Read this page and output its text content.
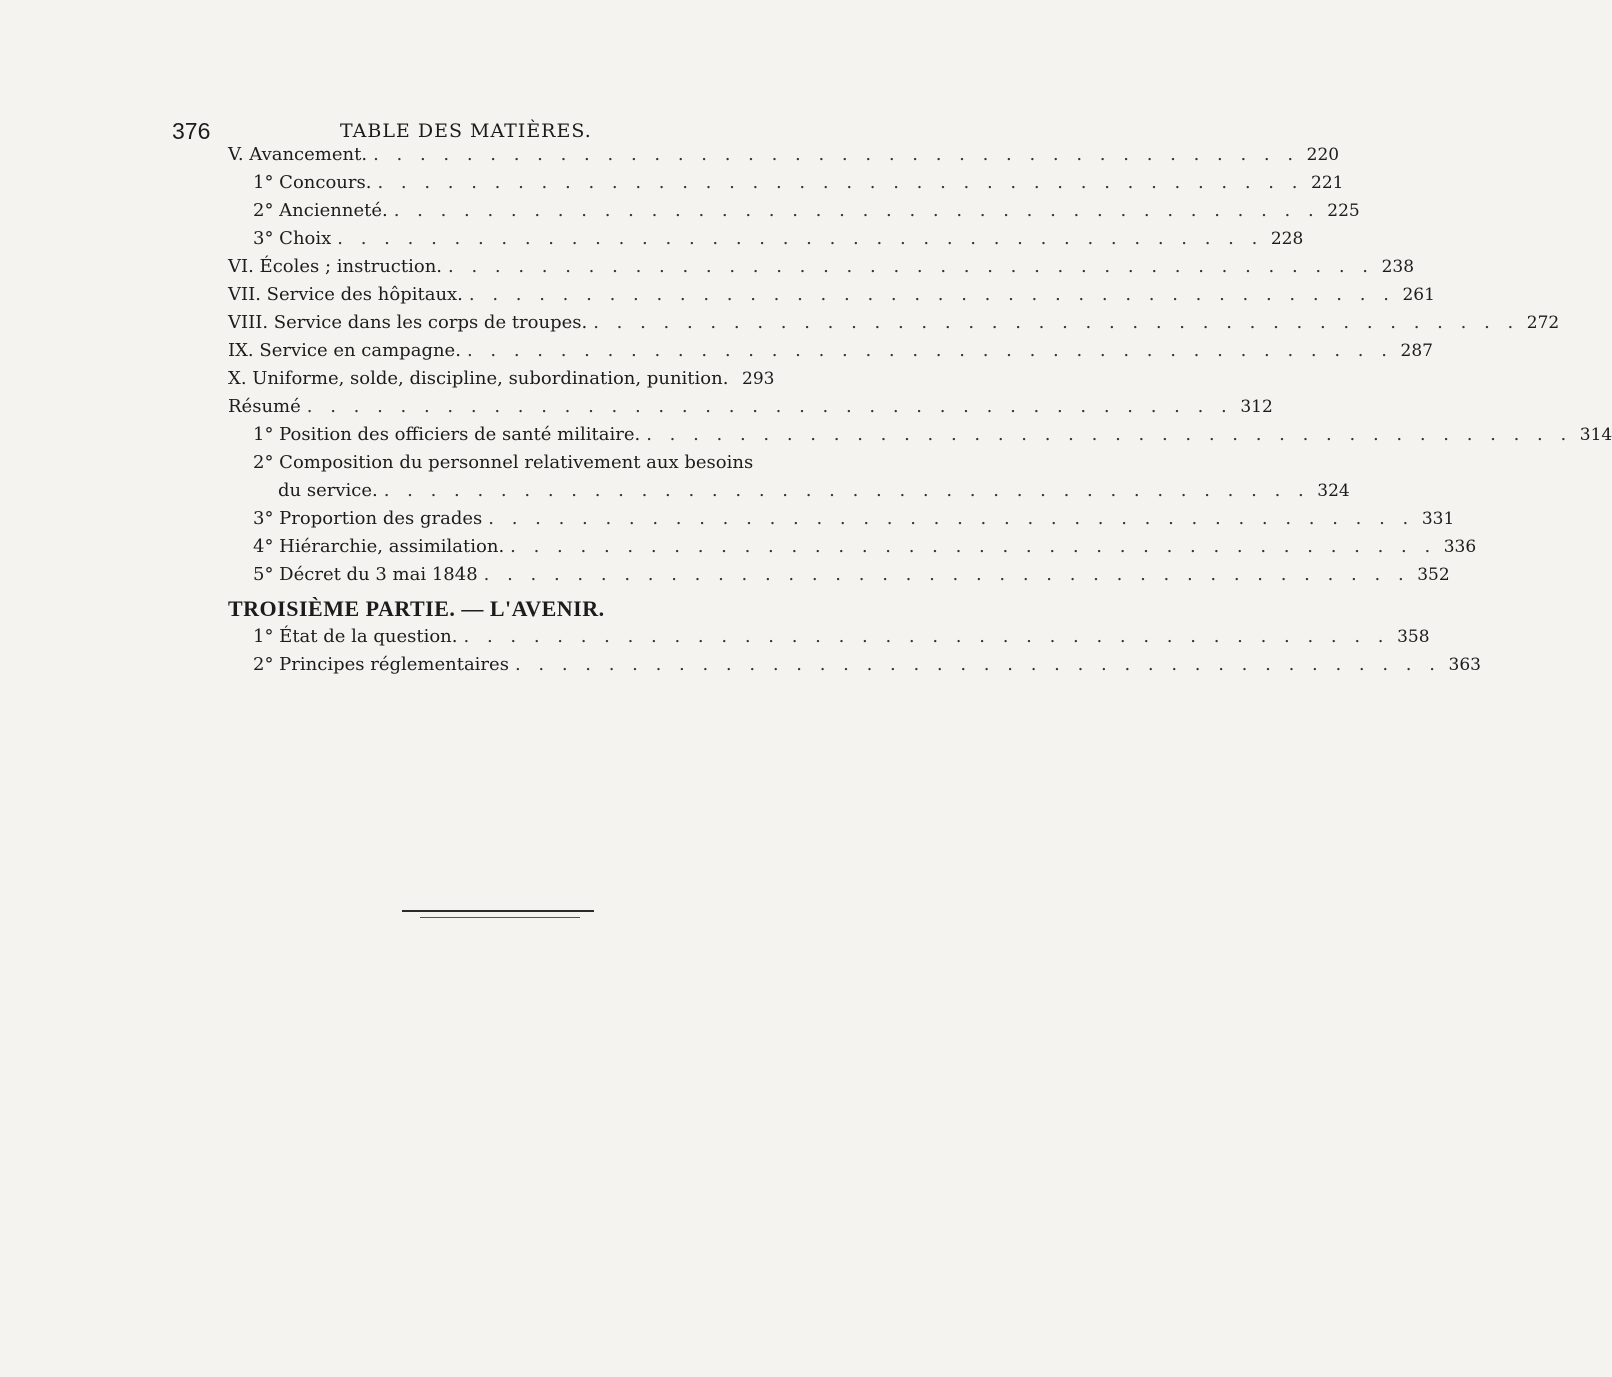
376	TABLE DES MATIÈRES.
V. Avancement. . . . . . . . . . . . . . . . . . . . . . . . . . . . . . . . . . . . . . . . . 220
1° Concours. . . . . . . . . . . . . . . . . . . . . . . . . . . . . . . . . . . . . . . . . 221
2° Ancienneté. . . . . . . . . . . . . . . . . . . . . . . . . . . . . . . . . . . . . . . . . 225
3° Choix . . . . . . . . . . . . . . . . . . . . . . . . . . . . . . . . . . . . . . . . 228
VI. Écoles ; instruction. . . . . . . . . . . . . . . . . . . . . . . . . . . . . . . . . . . . . . . . . 238
VII. Service des hôpitaux. . . . . . . . . . . . . . . . . . . . . . . . . . . . . . . . . . . . . . . . . 261
VIII. Service dans les corps de troupes. . . . . . . . . . . . . . . . . . . . . . . . . . . . . . . . . . . . . . . . . 272
IX. Service en campagne. . . . . . . . . . . . . . . . . . . . . . . . . . . . . . . . . . . . . . . . . 287
X. Uniforme, solde, discipline, subordination, punition. 293
Résumé . . . . . . . . . . . . . . . . . . . . . . . . . . . . . . . . . . . . . . . . 312
1° Position des officiers de santé militaire. . . . . . . . . . . . . . . . . . . . . . . . . . . . . . . . . . . . . . . . . 314
2° Composition du personnel relativement aux besoins
du service. . . . . . . . . . . . . . . . . . . . . . . . . . . . . . . . . . . . . . . . . 324
3° Proportion des grades . . . . . . . . . . . . . . . . . . . . . . . . . . . . . . . . . . . . . . . . 331
4° Hiérarchie, assimilation. . . . . . . . . . . . . . . . . . . . . . . . . . . . . . . . . . . . . . . . . 336
5° Décret du 3 mai 1848 . . . . . . . . . . . . . . . . . . . . . . . . . . . . . . . . . . . . . . . . 352
TROISIÈME PARTIE. — L'AVENIR.
1° État de la question. . . . . . . . . . . . . . . . . . . . . . . . . . . . . . . . . . . . . . . . . 358
2° Principes réglementaires . . . . . . . . . . . . . . . . . . . . . . . . . . . . . . . . . . . . . . . . 363
